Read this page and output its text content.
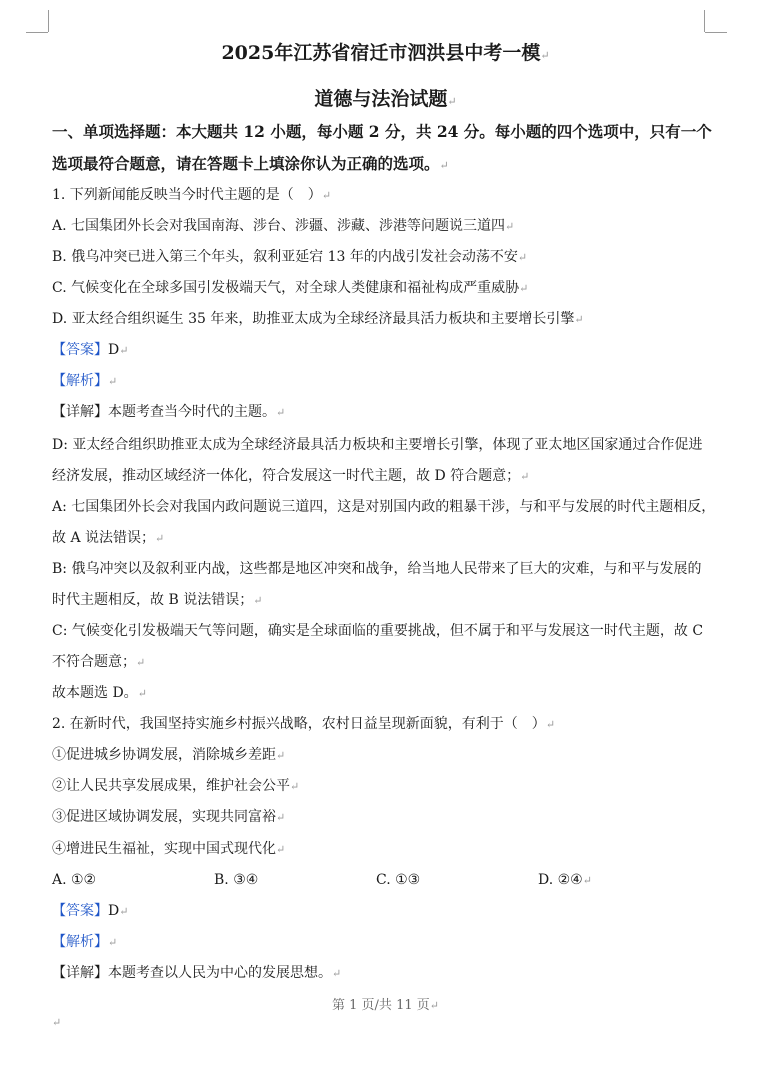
2025年江苏省宿迁市泗洪县中考一模↵
道德与法治试题↵
一、单项选择题：本大题共 12 小题，每小题 2 分，共 24 分。每小题的四个选项中，只有一个
选项最符合题意，请在答题卡上填涂你认为正确的选项。↵
1. 下列新闻能反映当今时代主题的是（　）↵
A. 七国集团外长会对我国南海、涉台、涉疆、涉藏、涉港等问题说三道四↵
B. 俄乌冲突已进入第三个年头，叙利亚延宕 13 年的内战引发社会动荡不安↵
C. 气候变化在全球多国引发极端天气，对全球人类健康和福祉构成严重威胁↵
D. 亚太经合组织诞生 35 年来，助推亚太成为全球经济最具活力板块和主要增长引擎↵
【答案】D↵
【解析】↵
【详解】本题考查当今时代的主题。↵
D: 亚太经合组织助推亚太成为全球经济最具活力板块和主要增长引擎，体现了亚太地区国家通过合作促进
经济发展，推动区域经济一体化，符合发展这一时代主题，故 D 符合题意；↵
A: 七国集团外长会对我国内政问题说三道四，这是对别国内政的粗暴干涉，与和平与发展的时代主题相反，
故 A 说法错误；↵
B: 俄乌冲突以及叙利亚内战，这些都是地区冲突和战争，给当地人民带来了巨大的灾难，与和平与发展的
时代主题相反，故 B 说法错误；↵
C: 气候变化引发极端天气等问题，确实是全球面临的重要挑战，但不属于和平与发展这一时代主题，故 C
不符合题意；↵
故本题选 D。↵
2. 在新时代，我国坚持实施乡村振兴战略，农村日益呈现新面貌，有利于（　）↵
①促进城乡协调发展，消除城乡差距↵
②让人民共享发展成果，维护社会公平↵
③促进区域协调发展，实现共同富裕↵
④增进民生福祉，实现中国式现代化↵
A. ①②	B. ③④	C. ①③	D. ②④↵
【答案】D↵
【解析】↵
【详解】本题考查以人民为中心的发展思想。↵
第 1 页/共 11 页↵
↵
